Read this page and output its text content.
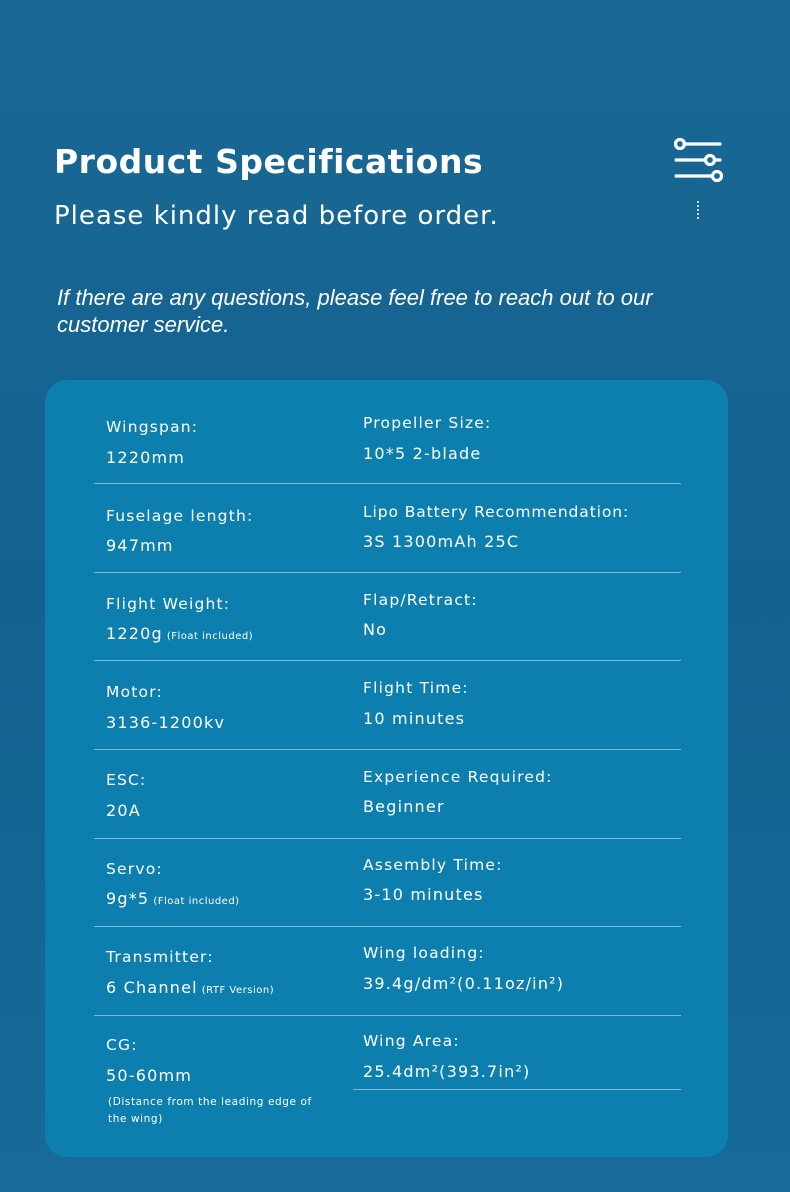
Product Specifications
Please kindly read before order.
If there are any questions, please feel free to reach out to our customer service.
Wingspan:
1220mm
Fuselage length:
947mm
Flight Weight:
1220g (Float included)
Motor:
3136-1200kv
ESC:
20A
Servo:
9g*5 (Float included)
Transmitter:
6 Channel (RTF Version)
CG:
50-60mm
(Distance from the leading edge of the wing)
Propeller Size:
10*5 2-blade
Lipo Battery Recommendation:
3S 1300mAh 25C
Flap/Retract:
No
Flight Time:
10 minutes
Experience Required:
Beginner
Assembly Time:
3-10 minutes
Wing loading:
39.4g/dm²(0.11oz/in²)
Wing Area:
25.4dm²(393.7in²)
